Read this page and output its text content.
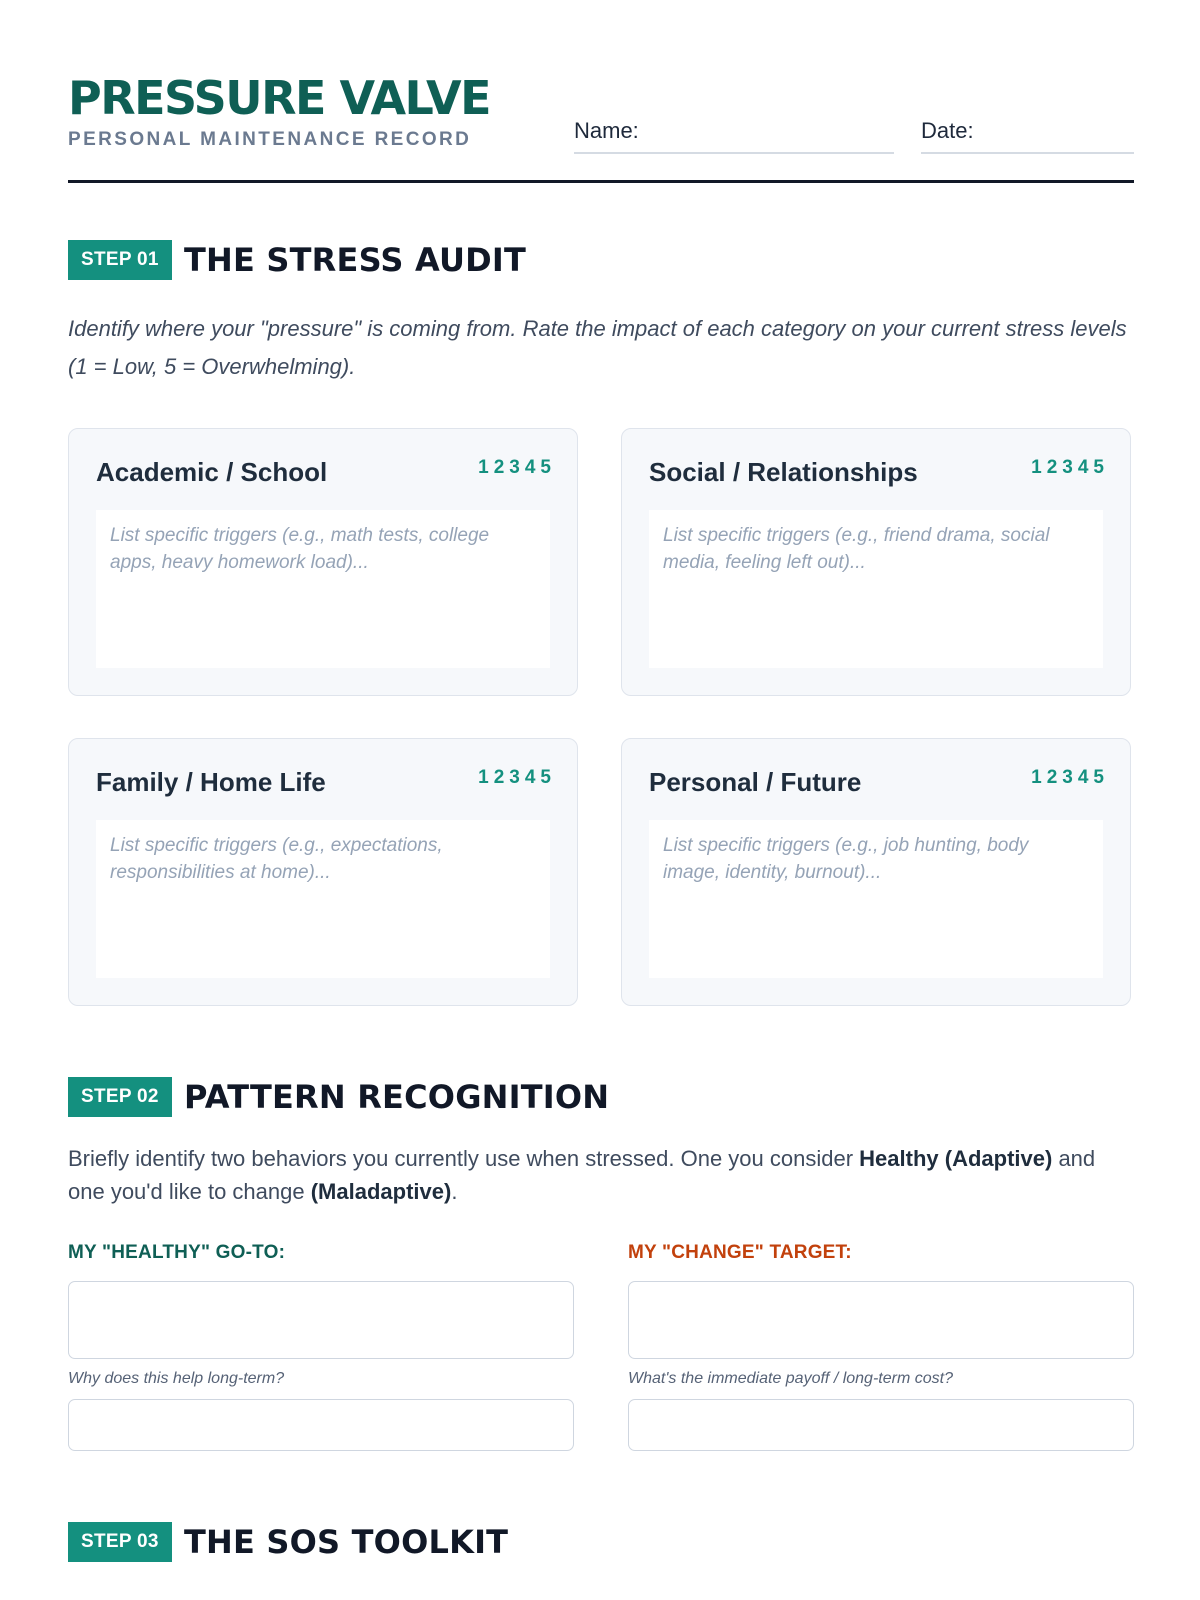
PRESSURE VALVE
PERSONAL MAINTENANCE RECORD	Name:	Date:
STEP 01 THE STRESS AUDIT

Identify where your "pressure" is coming from. Rate the impact of each category on your current stress levels (1 = Low, 5 = Overwhelming).

Academic / School	1 2 3 4 5
List specific triggers (e.g., math tests, college apps, heavy homework load)...
Social / Relationships	1 2 3 4 5
List specific triggers (e.g., friend drama, social media, feeling left out)...
Family / Home Life	1 2 3 4 5
List specific triggers (e.g., expectations, responsibilities at home)...
Personal / Future	1 2 3 4 5
List specific triggers (e.g., job hunting, body image, identity, burnout)...
STEP 02 PATTERN RECOGNITION

Briefly identify two behaviors you currently use when stressed. One you consider Healthy (Adaptive) and one you'd like to change (Maladaptive).

MY "HEALTHY" GO-TO:
Why does this help long-term?
MY "CHANGE" TARGET:
What's the immediate payoff / long-term cost?
STEP 03 THE SOS TOOLKIT
